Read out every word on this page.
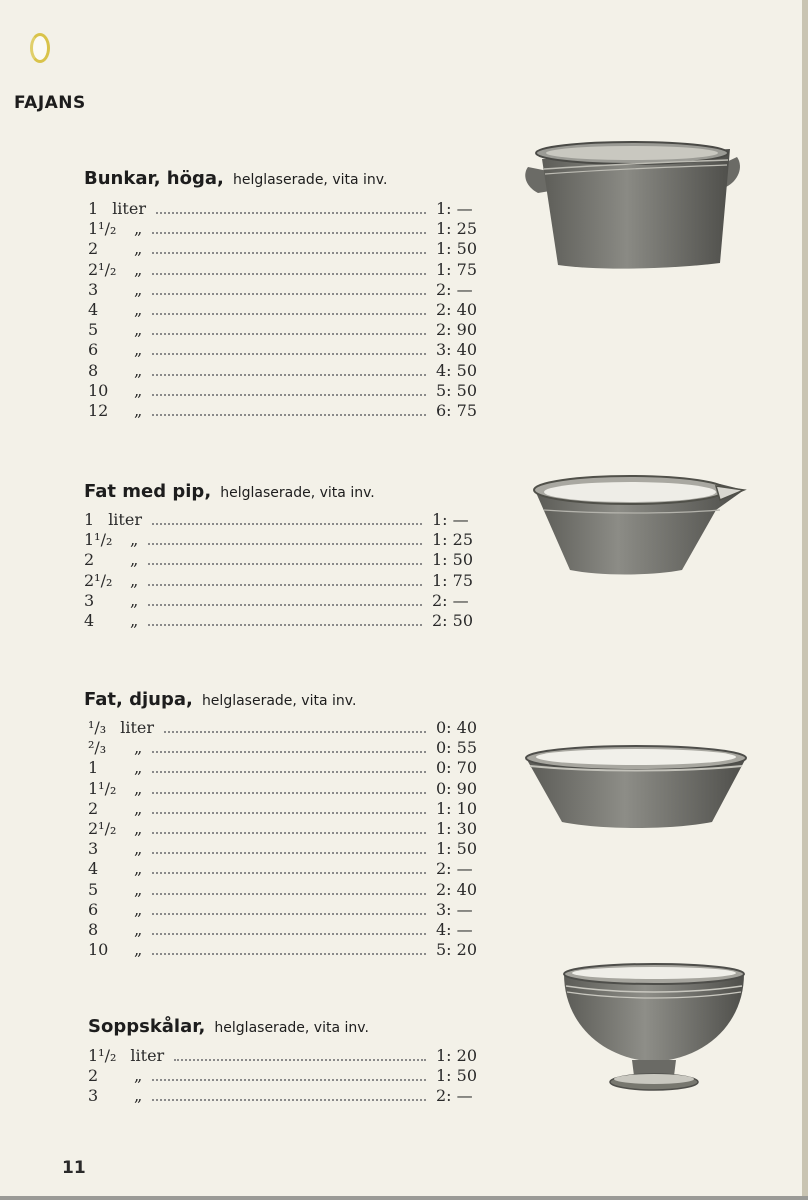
FAJANS
Bunkar, höga, helglaserade, vita inv.
1 liter	1: —
1¹/₂	„	1: 25
2	„	1: 50
2¹/₂	„	1: 75
3	„	2: —
4	„	2: 40
5	„	2: 90
6	„	3: 40
8	„	4: 50
10	„	5: 50
12	„	6: 75
Fat med pip, helglaserade, vita inv.
1 liter	1: —
1¹/₂	„	1: 25
2	„	1: 50
2¹/₂	„	1: 75
3	„	2: —
4	„	2: 50
Fat, djupa, helglaserade, vita inv.
¹/₃ liter	0: 40
²/₃	„	0: 55
1	„	0: 70
1¹/₂	„	0: 90
2	„	1: 10
2¹/₂	„	1: 30
3	„	1: 50
4	„	2: —
5	„	2: 40
6	„	3: —
8	„	4: —
10	„	5: 20
Soppskålar, helglaserade, vita inv.
1¹/₂ liter	1: 20
2	„	1: 50
3	„	2: —
11
